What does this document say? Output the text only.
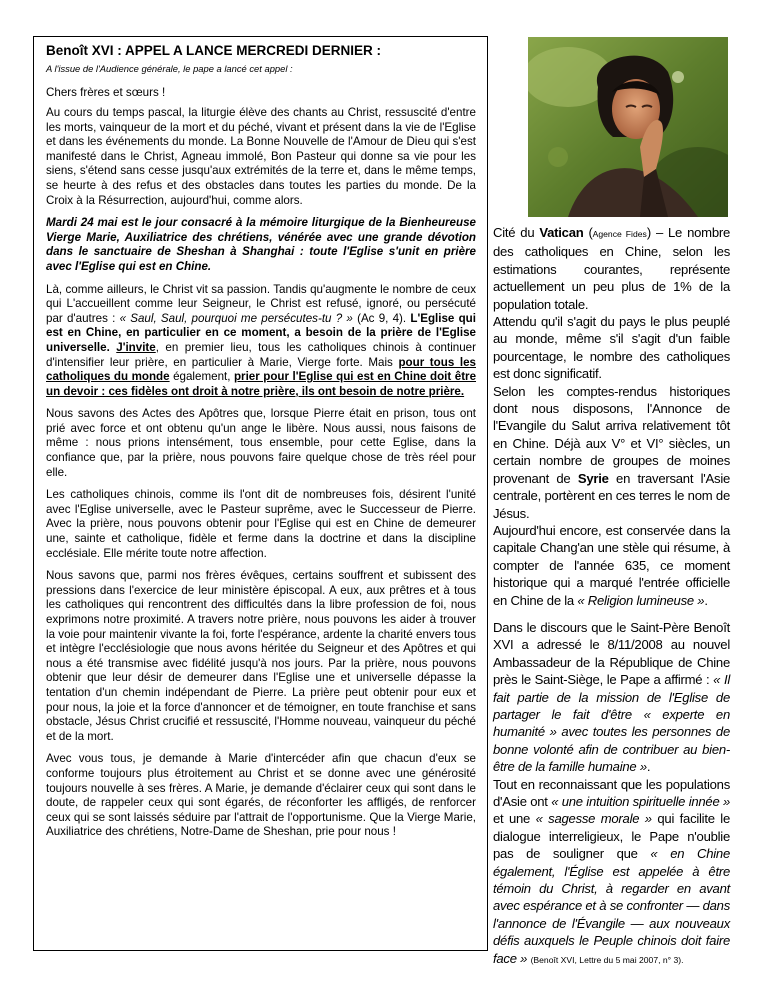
Benoît XVI : APPEL A LANCE MERCREDI DERNIER :

A l'issue de l'Audience générale, le pape a lancé cet appel :

Chers frères et sœurs !

Au cours du temps pascal, la liturgie élève des chants au Christ, ressuscité d'entre les morts, vainqueur de la mort et du péché, vivant et présent dans la vie de l'Eglise et dans les événements du monde. La Bonne Nouvelle de l'Amour de Dieu qui s'est manifesté dans le Christ, Agneau immolé, Bon Pasteur qui donne sa vie pour les siens, s'étend sans cesse jusqu'aux extrémités de la terre et, dans le même temps, se heurte à des refus et des obstacles dans toutes les parties du monde. De la Croix à la Résurrection, aujourd'hui, comme alors.

Mardi 24 mai est le jour consacré à la mémoire liturgique de la Bienheureuse Vierge Marie, Auxiliatrice des chrétiens, vénérée avec une grande dévotion dans le sanctuaire de Sheshan à Shanghai : toute l'Eglise s'unit en prière avec l'Eglise qui est en Chine.

Là, comme ailleurs, le Christ vit sa passion. Tandis qu'augmente le nombre de ceux qui L'accueillent comme leur Seigneur, le Christ est refusé, ignoré, ou persécuté par d'autres : « Saul, Saul, pourquoi me persécutes-tu ? » (Ac 9, 4). L'Eglise qui est en Chine, en particulier en ce moment, a besoin de la prière de l'Eglise universelle. J'invite, en premier lieu, tous les catholiques chinois à continuer d'intensifier leur prière, en particulier à Marie, Vierge forte. Mais pour tous les catholiques du monde également, prier pour l'Eglise qui est en Chine doit être un devoir : ces fidèles ont droit à notre prière, ils ont besoin de notre prière.

Nous savons des Actes des Apôtres que, lorsque Pierre était en prison, tous ont prié avec force et ont obtenu qu'un ange le libère. Nous aussi, nous faisons de même : nous prions intensément, tous ensemble, pour cette Eglise, dans la confiance que, par la prière, nous pouvons faire quelque chose de très réel pour elle.

Les catholiques chinois, comme ils l'ont dit de nombreuses fois, désirent l'unité avec l'Eglise universelle, avec le Pasteur suprême, avec le Successeur de Pierre. Avec la prière, nous pouvons obtenir pour l'Eglise qui est en Chine de demeurer une, sainte et catholique, fidèle et ferme dans la doctrine et dans la discipline ecclésiale. Elle mérite toute notre affection.

Nous savons que, parmi nos frères évêques, certains souffrent et subissent des pressions dans l'exercice de leur ministère épiscopal. A eux, aux prêtres et à tous les catholiques qui rencontrent des difficultés dans la libre profession de foi, nous exprimons notre proximité. A travers notre prière, nous pouvons les aider à trouver la voie pour maintenir vivante la foi, forte l'espérance, ardente la charité envers tous et intègre l'ecclésiologie que nous avons héritée du Seigneur et des Apôtres et qui nous a été transmise avec fidélité jusqu'à nos jours. Par la prière, nous pouvons obtenir que leur désir de demeurer dans l'Eglise une et universelle dépasse la tentation d'un chemin indépendant de Pierre. La prière peut obtenir pour eux et pour nous, la joie et la force d'annoncer et de témoigner, en toute franchise et sans obstacle, Jésus Christ crucifié et ressuscité, l'Homme nouveau, vainqueur du péché et de la mort.

Avec vous tous, je demande à Marie d'intercéder afin que chacun d'eux se conforme toujours plus étroitement au Christ et se donne avec une générosité toujours nouvelle à ses frères. A Marie, je demande d'éclairer ceux qui sont dans le doute, de rappeler ceux qui sont égarés, de réconforter les affligés, de renforcer ceux qui se sont laissés séduire par l'attrait de l'opportunisme. Que la Vierge Marie, Auxiliatrice des chrétiens, Notre-Dame de Sheshan, prie pour nous !

Cité du Vatican (Agence Fides) – Le nombre des catholiques en Chine, selon les estimations courantes, représente actuellement un peu plus de 1% de la population totale.

Attendu qu'il s'agit du pays le plus peuplé au monde, même s'il s'agit d'un faible pourcentage, le nombre des catholiques est donc significatif.

Selon les comptes-rendus historiques dont nous disposons, l'Annonce de l'Evangile du Salut arriva relativement tôt en Chine. Déjà aux V° et VI° siècles, un certain nombre de groupes de moines provenant de Syrie en traversant l'Asie centrale, portèrent en ces terres le nom de Jésus.

Aujourd'hui encore, est conservée dans la capitale Chang'an une stèle qui résume, à compter de l'année 635, ce moment historique qui a marqué l'entrée officielle en Chine de la « Religion lumineuse ».

Dans le discours que le Saint-Père Benoît XVI a adressé le 8/11/2008 au nouvel Ambassadeur de la République de Chine près le Saint-Siège, le Pape a affirmé : « Il fait partie de la mission de l'Eglise de partager le fait d'être « experte en humanité » avec toutes les personnes de bonne volonté afin de contribuer au bien-être de la famille humaine ».

Tout en reconnaissant que les populations d'Asie ont « une intuition spirituelle innée » et une « sagesse morale » qui facilite le dialogue interreligieux, le Pape n'oublie pas de souligner que « en Chine également, l'Église est appelée à être témoin du Christ, à regarder en avant avec espérance et à se confronter — dans l'annonce de l'Évangile — aux nouveaux défis auxquels le Peuple chinois doit faire face » (Benoît XVI, Lettre du 5 mai 2007, n° 3).
